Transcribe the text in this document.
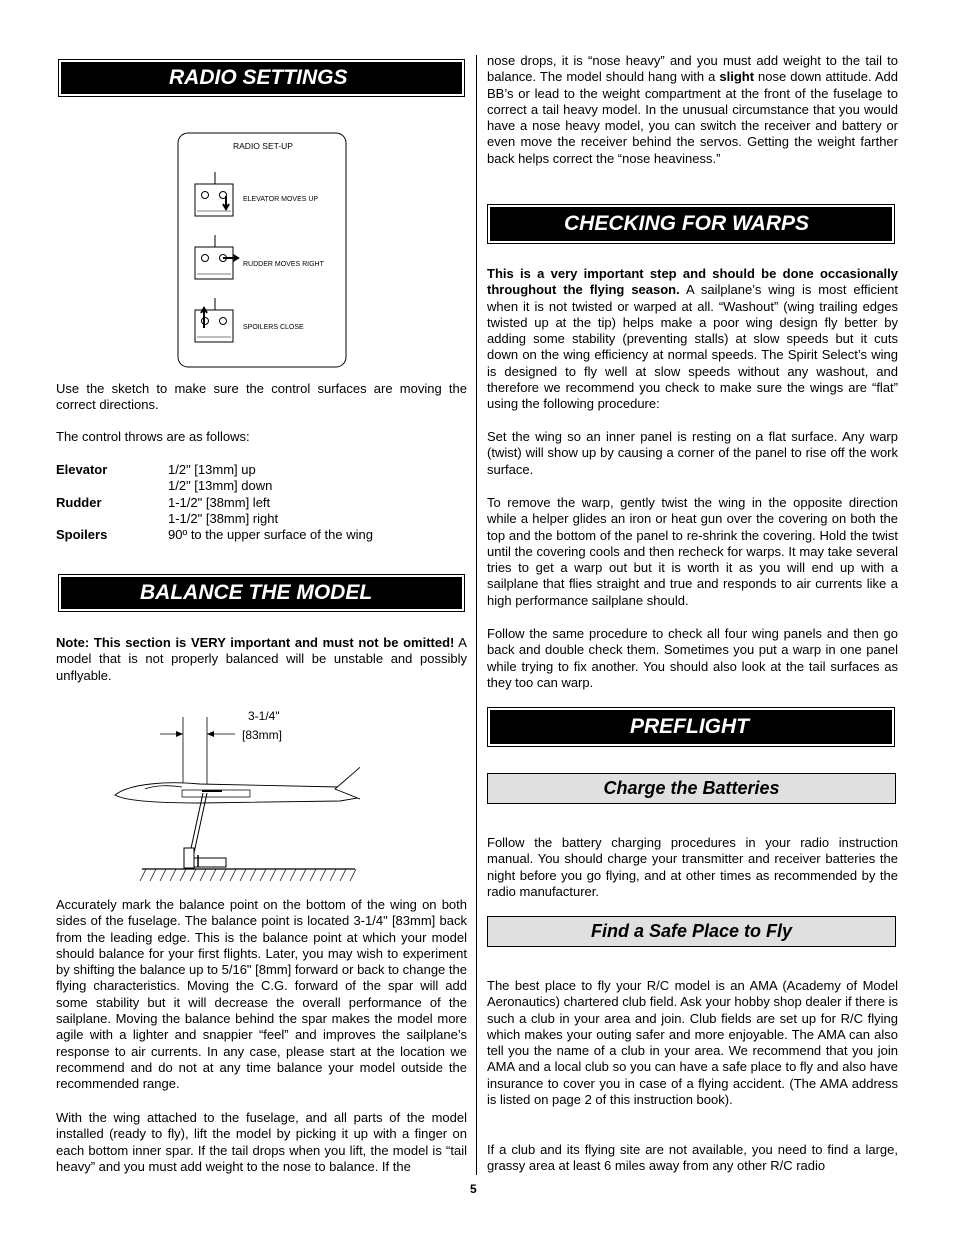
RADIO SETTINGS
RADIO SET-UP
ELEVATOR MOVES UP
RUDDER MOVES RIGHT
SPOILERS CLOSE

Use the sketch to make sure the control surfaces are moving the correct directions.

The control throws are as follows:

Elevator	1/2" [13mm] up
1/2" [13mm] down
Rudder	1-1/2" [38mm] left
1-1/2" [38mm] right
Spoilers	90º to the upper surface of the wing
BALANCE THE MODEL

Note: This section is VERY important and must not be omitted! A model that is not properly balanced will be unstable and possibly unflyable.

3-1/4"
[83mm]

Accurately mark the balance point on the bottom of the wing on both sides of the fuselage. The balance point is located 3-1/4" [83mm] back from the leading edge. This is the balance point at which your model should balance for your first flights. Later, you may wish to experiment by shifting the balance up to 5/16" [8mm] forward or back to change the flying characteristics. Moving the C.G. forward of the spar will add some stability but it will decrease the overall performance of the sailplane. Moving the balance behind the spar makes the model more agile with a lighter and snappier “feel” and improves the sailplane’s response to air currents. In any case, please start at the location we recommend and do not at any time balance your model outside the recommended range.

With the wing attached to the fuselage, and all parts of the model installed (ready to fly), lift the model by picking it up with a finger on each bottom inner spar. If the tail drops when you lift, the model is “tail heavy” and you must add weight to the nose to balance. If the

nose drops, it is “nose heavy” and you must add weight to the tail to balance. The model should hang with a slight nose down attitude. Add BB’s or lead to the weight compartment at the front of the fuselage to correct a tail heavy model. In the unusual circumstance that you would have a nose heavy model, you can switch the receiver and battery or even move the receiver behind the servos. Getting the weight farther back helps correct the “nose heaviness.”

CHECKING FOR WARPS

This is a very important step and should be done occasionally throughout the flying season. A sailplane’s wing is most efficient when it is not twisted or warped at all. “Washout” (wing trailing edges twisted up at the tip) helps make a poor wing design fly better by adding some stability (preventing stalls) at slow speeds but it cuts down on the wing efficiency at normal speeds. The Spirit Select’s wing is designed to fly well at slow speeds without any washout, and therefore we recommend you check to make sure the wings are “flat” using the following procedure:

Set the wing so an inner panel is resting on a flat surface. Any warp (twist) will show up by causing a corner of the panel to rise off the work surface.

To remove the warp, gently twist the wing in the opposite direction while a helper glides an iron or heat gun over the covering on both the top and the bottom of the panel to re-shrink the covering. Hold the twist until the covering cools and then recheck for warps. It may take several tries to get a warp out but it is worth it as you will end up with a sailplane that flies straight and true and responds to air currents like a high performance sailplane should.

Follow the same procedure to check all four wing panels and then go back and double check them. Sometimes you put a warp in one panel while trying to fix another. You should also look at the tail surfaces as they too can warp.

PREFLIGHT
Charge the Batteries

Follow the battery charging procedures in your radio instruction manual. You should charge your transmitter and receiver batteries the night before you go flying, and at other times as recommended by the radio manufacturer.

Find a Safe Place to Fly

The best place to fly your R/C model is an AMA (Academy of Model Aeronautics) chartered club field. Ask your hobby shop dealer if there is such a club in your area and join. Club fields are set up for R/C flying which makes your outing safer and more enjoyable. The AMA can also tell you the name of a club in your area. We recommend that you join AMA and a local club so you can have a safe place to fly and also have insurance to cover you in case of a flying accident. (The AMA address is listed on page 2 of this instruction book).

If a club and its flying site are not available, you need to find a large, grassy area at least 6 miles away from any other R/C radio

5
